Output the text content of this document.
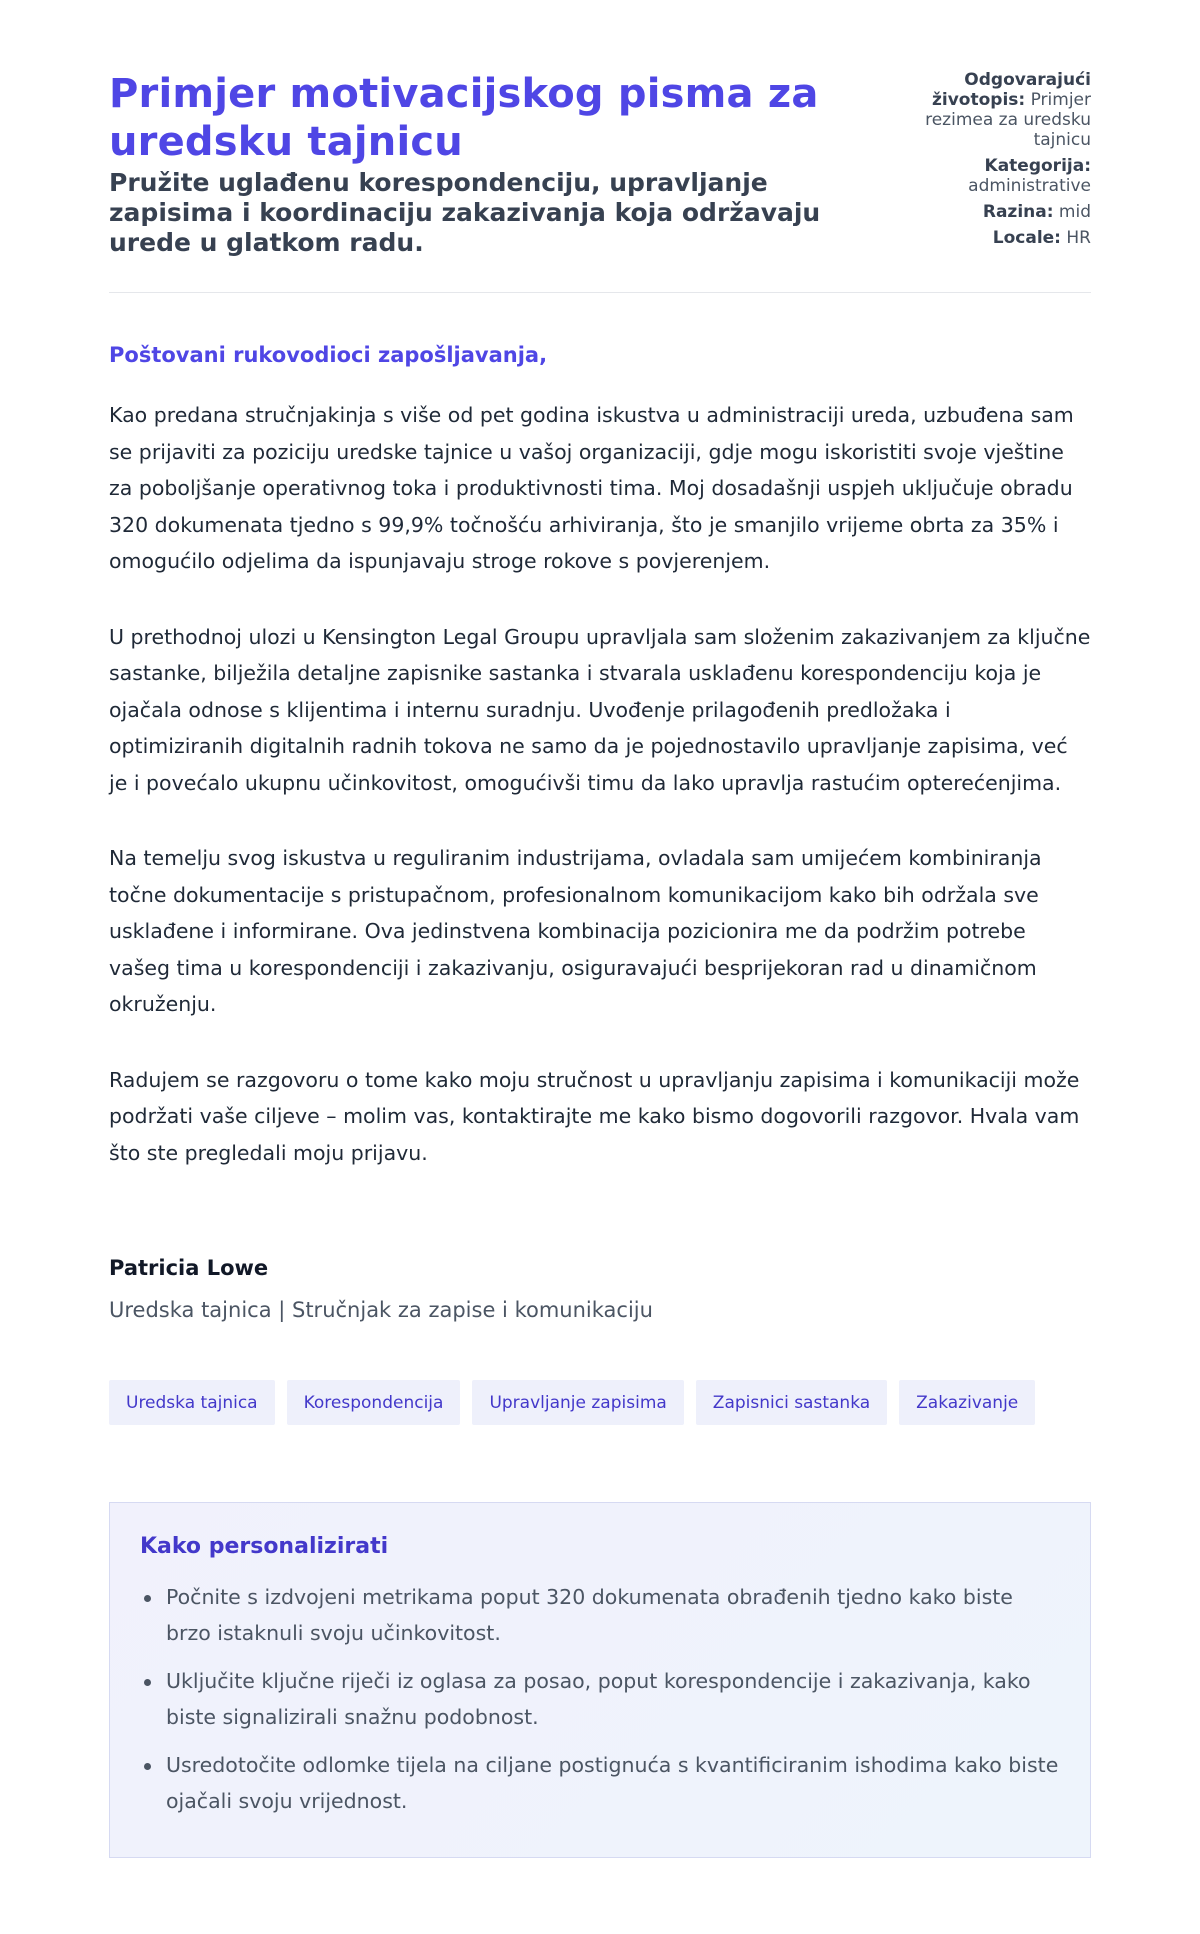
Primjer motivacijskog pisma za uredsku tajnicu
Pružite uglađenu korespondenciju, upravljanje zapisima i koordinaciju zakazivanja koja održavaju urede u glatkom radu.
Odgovarajući životopis: Primjer rezimea za uredsku tajnicu
Kategorija: administrative
Razina: mid
Locale: HR

Poštovani rukovodioci zapošljavanja,

Kao predana stručnjakinja s više od pet godina iskustva u administraciji ureda, uzbuđena sam se prijaviti za poziciju uredske tajnice u vašoj organizaciji, gdje mogu iskoristiti svoje vještine za poboljšanje operativnog toka i produktivnosti tima. Moj dosadašnji uspjeh uključuje obradu 320 dokumenata tjedno s 99,9% točnošću arhiviranja, što je smanjilo vrijeme obrta za 35% i omogućilo odjelima da ispunjavaju stroge rokove s povjerenjem.

U prethodnoj ulozi u Kensington Legal Groupu upravljala sam složenim zakazivanjem za ključne sastanke, bilježila detaljne zapisnike sastanka i stvarala usklađenu korespondenciju koja je ojačala odnose s klijentima i internu suradnju. Uvođenje prilagođenih predložaka i optimiziranih digitalnih radnih tokova ne samo da je pojednostavilo upravljanje zapisima, već je i povećalo ukupnu učinkovitost, omogućivši timu da lako upravlja rastućim opterećenjima.

Na temelju svog iskustva u reguliranim industrijama, ovladala sam umijećem kombiniranja točne dokumentacije s pristupačnom, profesionalnom komunikacijom kako bih održala sve usklađene i informirane. Ova jedinstvena kombinacija pozicionira me da podržim potrebe vašeg tima u korespondenciji i zakazivanju, osiguravajući besprijekoran rad u dinamičnom okruženju.

Radujem se razgovoru o tome kako moju stručnost u upravljanju zapisima i komunikaciji može podržati vaše ciljeve – molim vas, kontaktirajte me kako bismo dogovorili razgovor. Hvala vam što ste pregledali moju prijavu.

Patricia Lowe
Uredska tajnica | Stručnjak za zapise i komunikaciju
Uredska tajnica	Korespondencija	Upravljanje zapisima	Zapisnici sastanka	Zakazivanje
Kako personalizirati
Počnite s izdvojeni metrikama poput 320 dokumenata obrađenih tjedno kako biste brzo istaknuli svoju učinkovitost.
Uključite ključne riječi iz oglasa za posao, poput korespondencije i zakazivanja, kako biste signalizirali snažnu podobnost.
Usredotočite odlomke tijela na ciljane postignuća s kvantificiranim ishodima kako biste ojačali svoju vrijednost.
